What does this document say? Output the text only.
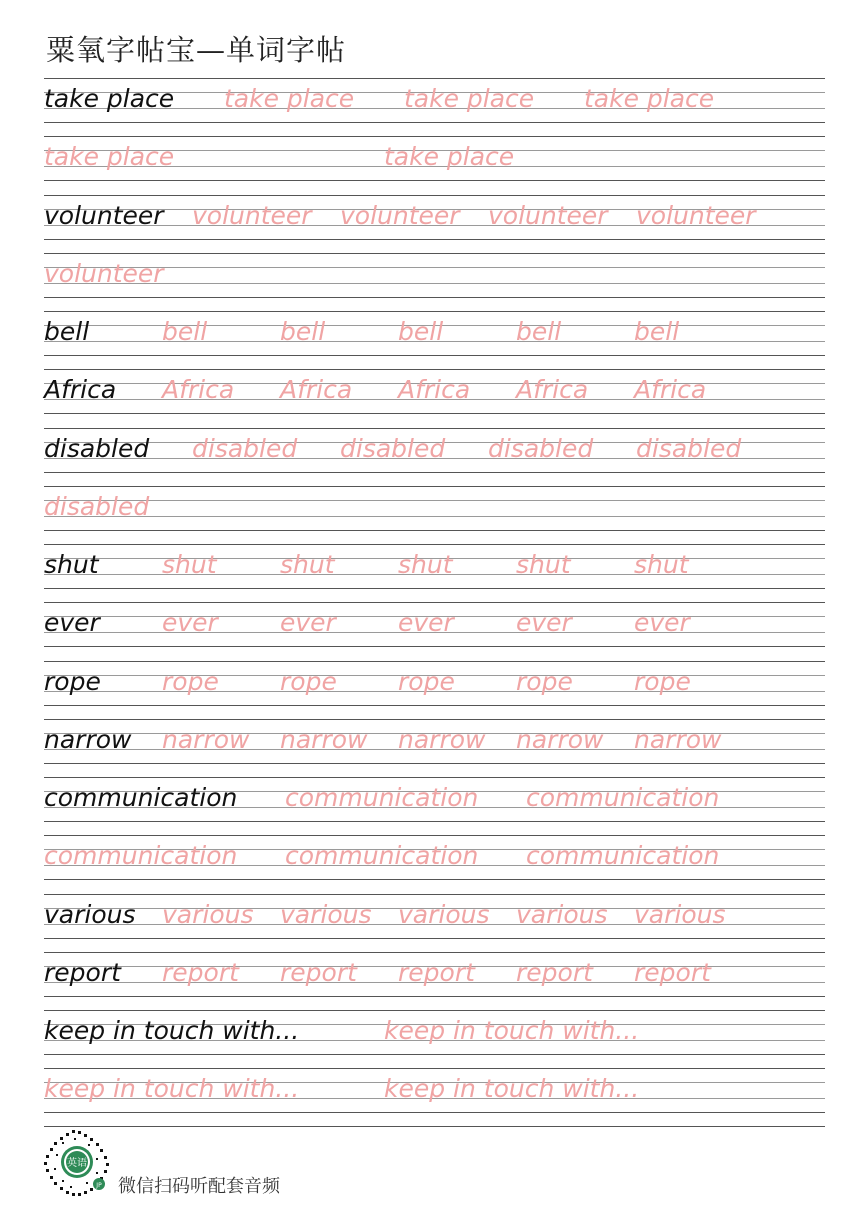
粟氧字帖宝—单词字帖
take place take place take place take place
take place	take place
volunteer volunteer volunteer volunteer volunteer
volunteer
bell	bell	bell	bell	bell	bell
Africa Africa Africa Africa Africa Africa
disabled disabled disabled disabled disabled
disabled
shut	shut	shut	shut	shut	shut
ever ever ever ever ever ever
rope rope rope rope rope rope
narrow narrow narrow narrow narrow narrow
communication communication communication
communication communication communication
various various various various various various
report report report report report report
keep in touch with...	keep in touch with...
keep in touch with...	keep in touch with...
英语
JP 微信扫码听配套音频
